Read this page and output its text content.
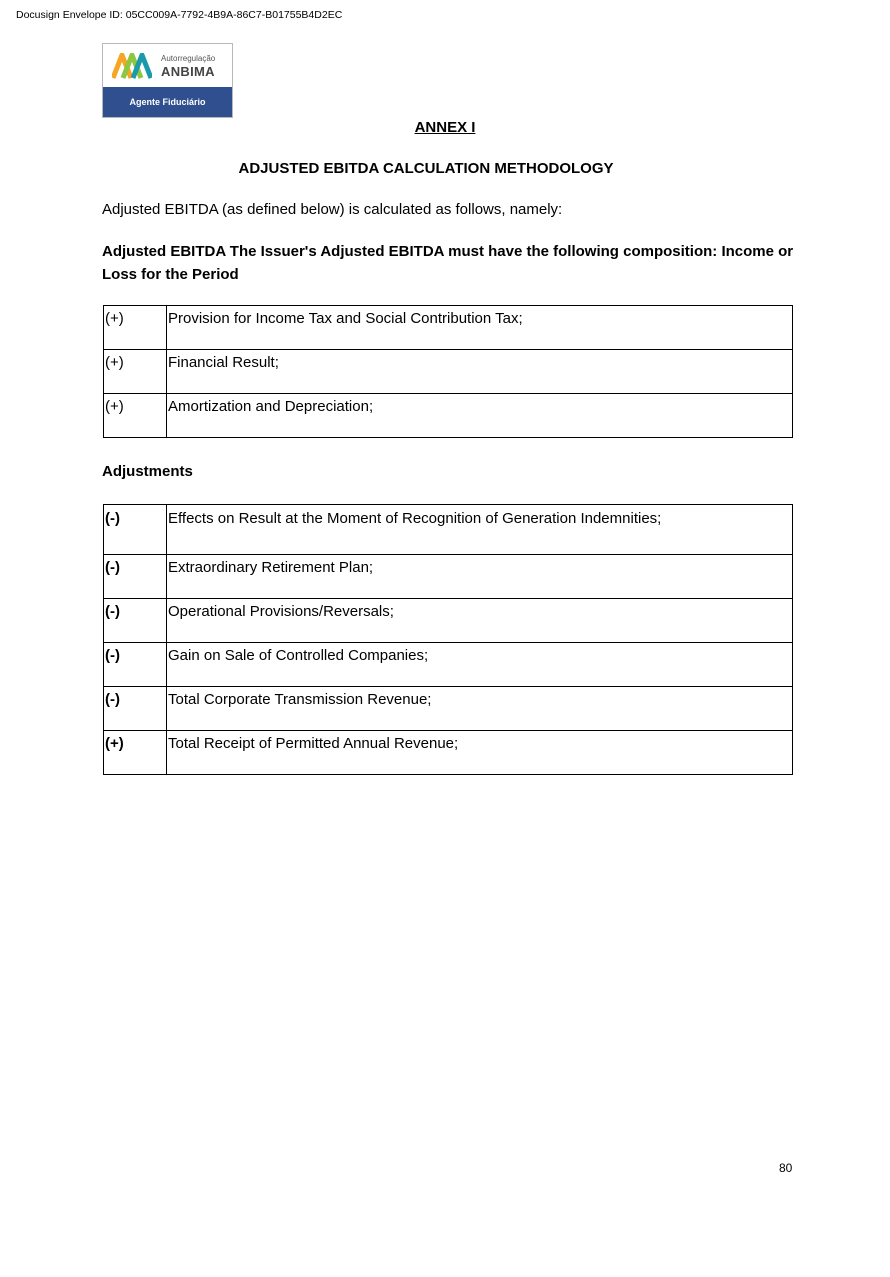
Docusign Envelope ID: 05CC009A-7792-4B9A-86C7-B01755B4D2EC
Autorregulação
ANBIMA
Agente Fiduciário
ANNEX I
ADJUSTED EBITDA CALCULATION METHODOLOGY
Adjusted EBITDA (as defined below) is calculated as follows, namely:
Adjusted EBITDA The Issuer's Adjusted EBITDA must have the following composition: Income or Loss for the Period
(+)	Provision for Income Tax and Social Contribution Tax;
(+)	Financial Result;
(+)	Amortization and Depreciation;
Adjustments
(-)	Effects on Result at the Moment of Recognition of Generation Indemnities;
(-)	Extraordinary Retirement Plan;
(-)	Operational Provisions/Reversals;
(-)	Gain on Sale of Controlled Companies;
(-)	Total Corporate Transmission Revenue;
(+)	Total Receipt of Permitted Annual Revenue;
80
